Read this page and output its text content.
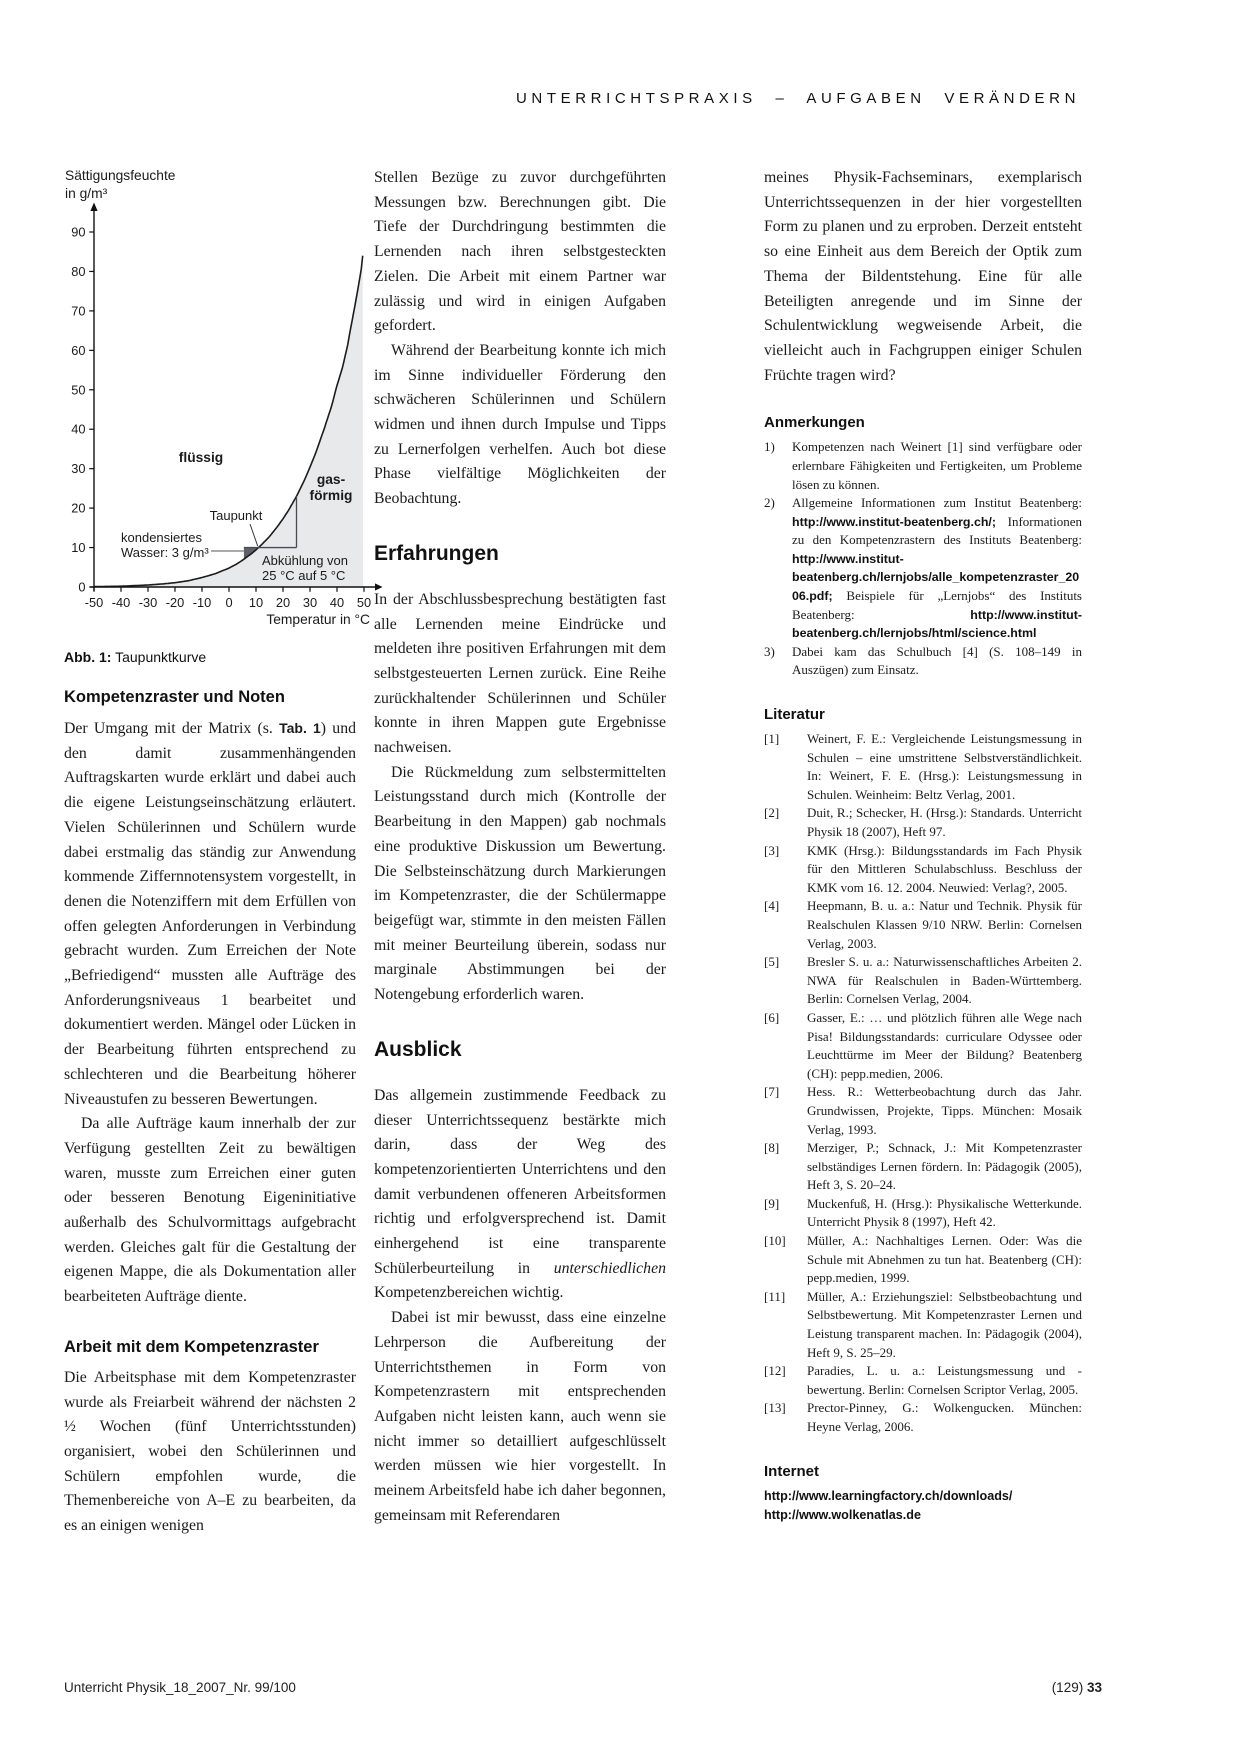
UNTERRICHTSPRAXIS – AUFGABEN VERÄNDERN
0
10
20
30
40
50
60
70
80
90
-50 -40 -30 -20 -10 0 10 20 30 40 50
Sättigungsfeuchte
in g/m³
Temperatur in °C
flüssig
gas-
förmig
Taupunkt
kondensiertes
Wasser: 3 g/m³
Abkühlung von
25 °C auf 5 °C
Abb. 1: Taupunktkurve
Kompetenzraster und Noten

Der Umgang mit der Matrix (s. Tab. 1) und den damit zusammenhängenden Auftragskarten wurde erklärt und dabei auch die eigene Leistungseinschätzung erläutert. Vielen Schülerinnen und Schülern wurde dabei erstmalig das ständig zur Anwendung kommende Ziffernnotensystem vorgestellt, in denen die Notenziffern mit dem Erfüllen von offen gelegten Anforderungen in Verbindung gebracht wurden. Zum Erreichen der Note „Befriedigend“ mussten alle Aufträge des Anforderungsniveaus 1 bearbeitet und dokumentiert werden. Mängel oder Lücken in der Bearbeitung führten entsprechend zu schlechteren und die Bearbeitung höherer Niveaustufen zu besseren Bewertungen.

Da alle Aufträge kaum innerhalb der zur Verfügung gestellten Zeit zu bewältigen waren, musste zum Erreichen einer guten oder besseren Benotung Eigeninitiative außerhalb des Schulvormittags aufgebracht werden. Gleiches galt für die Gestaltung der eigenen Mappe, die als Dokumentation aller bearbeiteten Aufträge diente.

Arbeit mit dem Kompetenzraster

Die Arbeitsphase mit dem Kompetenzraster wurde als Freiarbeit während der nächsten 2 ½ Wochen (fünf Unterrichtsstunden) organisiert, wobei den Schülerinnen und Schülern empfohlen wurde, die Themenbereiche von A–E zu bearbeiten, da es an einigen wenigen

Stellen Bezüge zu zuvor durchgeführten Messungen bzw. Berechnungen gibt. Die Tiefe der Durchdringung bestimmten die Lernenden nach ihren selbstgesteckten Zielen. Die Arbeit mit einem Partner war zulässig und wird in einigen Aufgaben gefordert.

Während der Bearbeitung konnte ich mich im Sinne individueller Förderung den schwächeren Schülerinnen und Schülern widmen und ihnen durch Impulse und Tipps zu Lernerfolgen verhelfen. Auch bot diese Phase vielfältige Möglichkeiten der Beobachtung.

Erfahrungen

In der Abschlussbesprechung bestätigten fast alle Lernenden meine Eindrücke und meldeten ihre positiven Erfahrungen mit dem selbstgesteuerten Lernen zurück. Eine Reihe zurückhaltender Schülerinnen und Schüler konnte in ihren Mappen gute Ergebnisse nachweisen.

Die Rückmeldung zum selbstermittelten Leistungsstand durch mich (Kontrolle der Bearbeitung in den Mappen) gab nochmals eine produktive Diskussion um Bewertung. Die Selbsteinschätzung durch Markierungen im Kompetenzraster, die der Schülermappe beigefügt war, stimmte in den meisten Fällen mit meiner Beurteilung überein, sodass nur marginale Abstimmungen bei der Notengebung erforderlich waren.

Ausblick

Das allgemein zustimmende Feedback zu dieser Unterrichtssequenz bestärkte mich darin, dass der Weg des kompetenzorientierten Unterrichtens und den damit verbundenen offeneren Arbeitsformen richtig und erfolgversprechend ist. Damit einhergehend ist eine transparente Schülerbeurteilung in unterschiedlichen Kompetenzbereichen wichtig.

Dabei ist mir bewusst, dass eine einzelne Lehrperson die Aufbereitung der Unterrichtsthemen in Form von Kompetenzrastern mit entsprechenden Aufgaben nicht leisten kann, auch wenn sie nicht immer so detailliert aufgeschlüsselt werden müssen wie hier vorgestellt. In meinem Arbeitsfeld habe ich daher begonnen, gemeinsam mit Referendaren

meines Physik-Fachseminars, exemplarisch Unterrichtssequenzen in der hier vorgestellten Form zu planen und zu erproben. Derzeit entsteht so eine Einheit aus dem Bereich der Optik zum Thema der Bildentstehung. Eine für alle Beteiligten anregende und im Sinne der Schulentwicklung wegweisende Arbeit, die vielleicht auch in Fachgruppen einiger Schulen Früchte tragen wird?

Anmerkungen
1)	Kompetenzen nach Weinert [1] sind verfügbare oder erlernbare Fähigkeiten und Fertigkeiten, um Probleme lösen zu können.
2)	Allgemeine Informationen zum Institut Beatenberg: http://www.institut-beatenberg.ch/; Informationen zu den Kompetenzrastern des Instituts Beatenberg: http://www.institut-beatenberg.ch/lernjobs/alle_kompetenzraster_2006.pdf; Beispiele für „Lernjobs“ des Instituts Beatenberg: http://www.institut-beatenberg.ch/lernjobs/html/science.html
3)	Dabei kam das Schulbuch [4] (S. 108–149 in Auszügen) zum Einsatz.
Literatur
[1]	Weinert, F. E.: Vergleichende Leistungsmessung in Schulen – eine umstrittene Selbstverständlichkeit. In: Weinert, F. E. (Hrsg.): Leistungsmessung in Schulen. Weinheim: Beltz Verlag, 2001.
[2]	Duit, R.; Schecker, H. (Hrsg.): Standards. Unterricht Physik 18 (2007), Heft 97.
[3]	KMK (Hrsg.): Bildungsstandards im Fach Physik für den Mittleren Schulabschluss. Beschluss der KMK vom 16. 12. 2004. Neuwied: Verlag?, 2005.
[4]	Heepmann, B. u. a.: Natur und Technik. Physik für Realschulen Klassen 9/10 NRW. Berlin: Cornelsen Verlag, 2003.
[5]	Bresler S. u. a.: Naturwissenschaftliches Arbeiten 2. NWA für Realschulen in Baden-Württemberg. Berlin: Cornelsen Verlag, 2004.
[6]	Gasser, E.: … und plötzlich führen alle Wege nach Pisa! Bildungsstandards: curriculare Odyssee oder Leuchttürme im Meer der Bildung? Beatenberg (CH): pepp.medien, 2006.
[7]	Hess. R.: Wetterbeobachtung durch das Jahr. Grundwissen, Projekte, Tipps. München: Mosaik Verlag, 1993.
[8]	Merziger, P.; Schnack, J.: Mit Kompetenzraster selbständiges Lernen fördern. In: Pädagogik (2005), Heft 3, S. 20–24.
[9]	Muckenfuß, H. (Hrsg.): Physikalische Wetterkunde. Unterricht Physik 8 (1997), Heft 42.
[10]	Müller, A.: Nachhaltiges Lernen. Oder: Was die Schule mit Abnehmen zu tun hat. Beatenberg (CH): pepp.medien, 1999.
[11]	Müller, A.: Erziehungsziel: Selbstbeobachtung und Selbstbewertung. Mit Kompetenzraster Lernen und Leistung transparent machen. In: Pädagogik (2004), Heft 9, S. 25–29.
[12]	Paradies, L. u. a.: Leistungsmessung und -bewertung. Berlin: Cornelsen Scriptor Verlag, 2005.
[13]	Prector-Pinney, G.: Wolkengucken. München: Heyne Verlag, 2006.
Internet
http://www.learningfactory.ch/downloads/
http://www.wolkenatlas.de
Unterricht Physik_18_2007_Nr. 99/100	(129) 33
